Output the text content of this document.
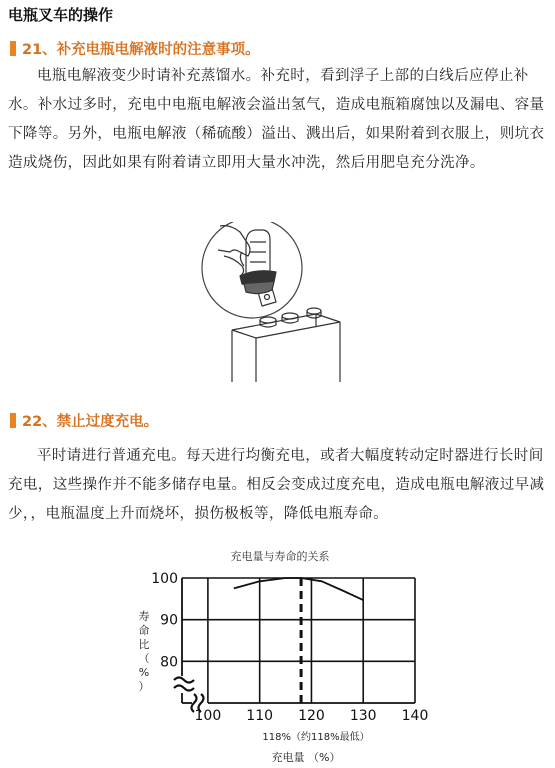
电瓶叉车的操作
21、补充电瓶电解液时的注意事项。
电瓶电解液变少时请补充蒸馏水。补充时，看到浮子上部的白线后应停止补水。补水过多时，充电中电瓶电解液会溢出氢气，造成电瓶箱腐蚀以及漏电、容量下降等。另外，电瓶电解液（稀硫酸）溢出、溅出后，如果附着到衣服上，则坑衣造成烧伤，因此如果有附着请立即用大量水冲洗，然后用肥皂充分洗净。
22、禁止过度充电。
平时请进行普通充电。每天进行均衡充电，或者大幅度转动定时器进行长时间充电，这些操作并不能多储存电量。相反会变成过度充电，造成电瓶电解液过早减少，，电瓶温度上升而烧坏，损伤极板等，降低电瓶寿命。
充电量与寿命的关系
100
90
80
100 110 120 130 140
寿
命
比
（
%
）
118%（约118%最低）
充电量 （%）
